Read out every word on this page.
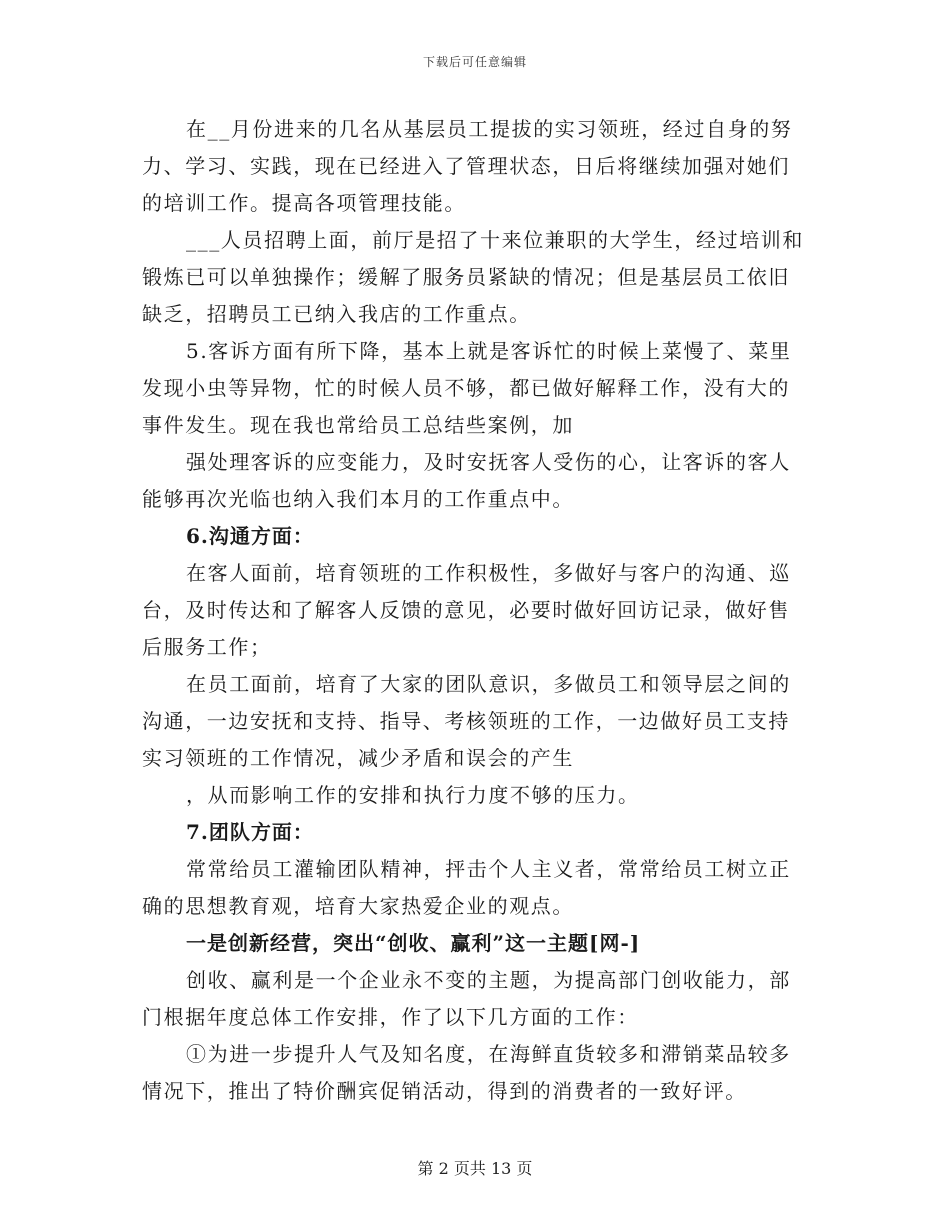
下载后可任意编辑
在__月份进来的几名从基层员工提拔的实习领班，经过自身的努
力、学习、实践，现在已经进入了管理状态，日后将继续加强对她们
的培训工作。提高各项管理技能。
___人员招聘上面，前厅是招了十来位兼职的大学生，经过培训和
锻炼已可以单独操作；缓解了服务员紧缺的情况；但是基层员工依旧
缺乏，招聘员工已纳入我店的工作重点。
5.客诉方面有所下降，基本上就是客诉忙的时候上菜慢了、菜里
发现小虫等异物，忙的时候人员不够，都已做好解释工作，没有大的
事件发生。现在我也常给员工总结些案例，加
强处理客诉的应变能力，及时安抚客人受伤的心，让客诉的客人
能够再次光临也纳入我们本月的工作重点中。
6.沟通方面：
在客人面前，培育领班的工作积极性，多做好与客户的沟通、巡
台，及时传达和了解客人反馈的意见，必要时做好回访记录，做好售
后服务工作；
在员工面前，培育了大家的团队意识，多做员工和领导层之间的
沟通，一边安抚和支持、指导、考核领班的工作，一边做好员工支持
实习领班的工作情况，减少矛盾和误会的产生
，从而影响工作的安排和执行力度不够的压力。
7.团队方面：
常常给员工灌输团队精神，抨击个人主义者，常常给员工树立正
确的思想教育观，培育大家热爱企业的观点。
一是创新经营，突出“创收、赢利”这一主题[网-]
创收、赢利是一个企业永不变的主题，为提高部门创收能力，部
门根据年度总体工作安排，作了以下几方面的工作：
①为进一步提升人气及知名度，在海鲜直货较多和滞销菜品较多
情况下，推出了特价酬宾促销活动，得到的消费者的一致好评。
第 2 页共 13 页
